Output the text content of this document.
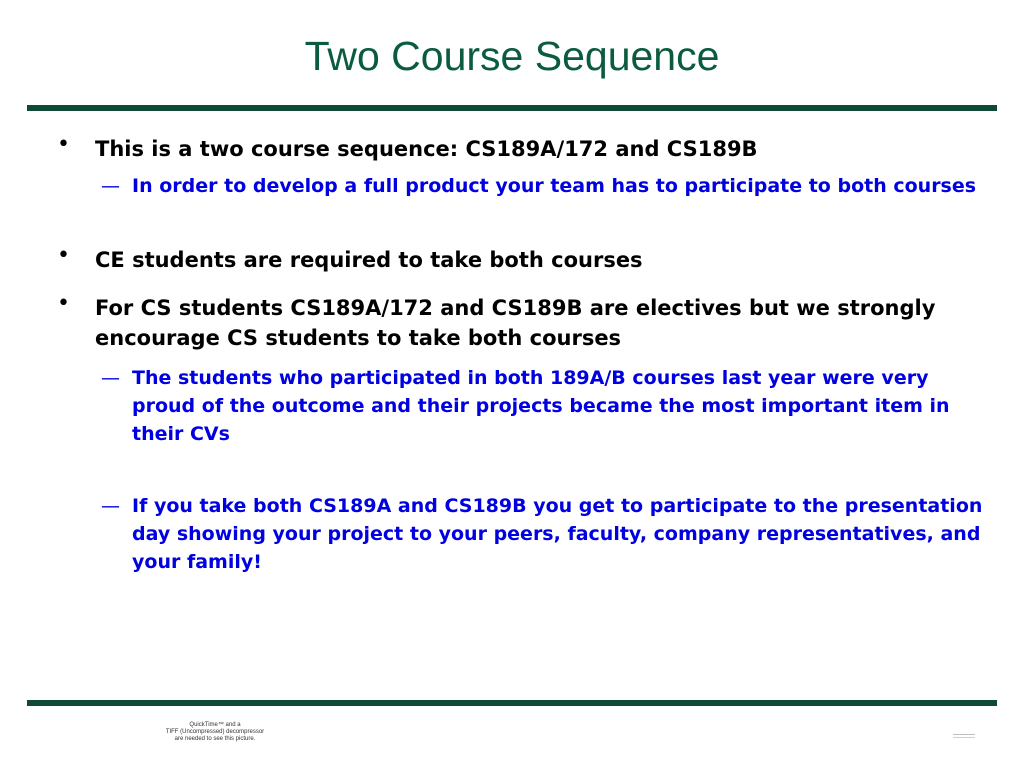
Two Course Sequence
• This is a two course sequence: CS189A/172 and CS189B
— In order to develop a full product your team has to participate to both courses
• CE students are required to take both courses
• For CS students CS189A/172 and CS189B are electives but we strongly encourage CS students to take both courses
— The students who participated in both 189A/B courses last year were very proud of the outcome and their projects became the most important item in their CVs
— If you take both CS189A and CS189B you get to participate to the presentation day showing your project to your peers, faculty, company representatives, and your family!
QuickTime™ and a
TIFF (Uncompressed) decompressor
are needed to see this picture.
